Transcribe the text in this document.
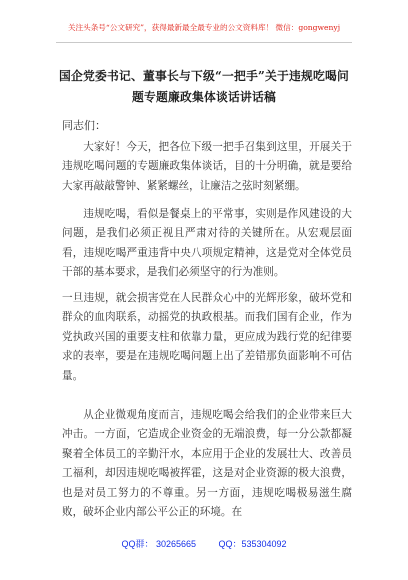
关注头条号“公文研究”，获得最新最全最专业的公文资料库！ 微信：gongwenyj
国企党委书记、董事长与下级“一把手”关于违规吃喝问
题专题廉政集体谈话讲话稿
同志们：

大家好！今天，把各位下级一把手召集到这里，开展关于违规吃喝问题的专题廉政集体谈话，目的十分明确，就是要给大家再敲敲警钟、紧紧螺丝，让廉洁之弦时刻紧绷。

违规吃喝，看似是餐桌上的平常事，实则是作风建设的大问题，是我们必须正视且严肃对待的关键所在。从宏观层面看，违规吃喝严重违背中央八项规定精神，这是党对全体党员干部的基本要求，是我们必须坚守的行为准则。

一旦违规，就会损害党在人民群众心中的光辉形象，破坏党和群众的血肉联系，动摇党的执政根基。而我们国有企业，作为党执政兴国的重要支柱和依靠力量，更应成为践行党的纪律要求的表率，要是在违规吃喝问题上出了差错那负面影响不可估量。

从企业微观角度而言，违规吃喝会给我们的企业带来巨大冲击。一方面，它造成企业资金的无端浪费，每一分公款都凝聚着全体员工的辛勤汗水，本应用于企业的发展壮大、改善员工福利，却因违规吃喝被挥霍，这是对企业资源的极大浪费，也是对员工努力的不尊重。另一方面，违规吃喝极易滋生腐败，破坏企业内部公平公正的环境。在

QQ群： 30265665	QQ：535304092
